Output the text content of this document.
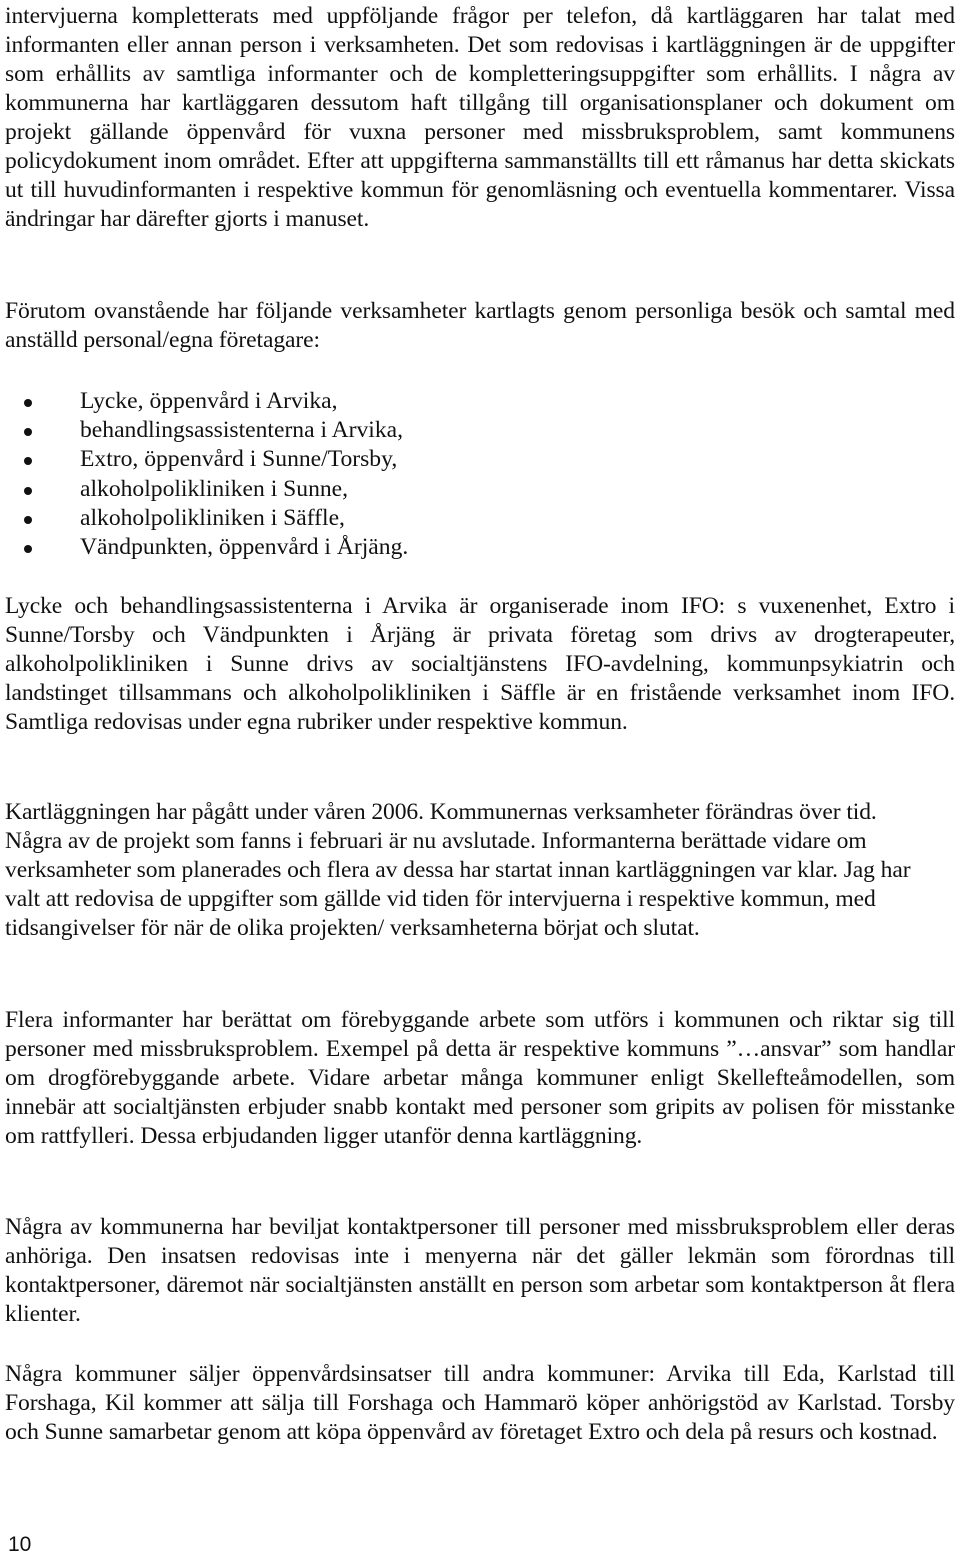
intervjuerna kompletterats med uppföljande frågor per telefon, då kartläggaren har talat med informanten eller annan person i verksamheten. Det som redovisas i kartläggningen är de uppgifter som erhållits av samtliga informanter och de kompletteringsuppgifter som erhållits. I några av kommunerna har kartläggaren dessutom haft tillgång till organisationsplaner och dokument om projekt gällande öppenvård för vuxna personer med missbruksproblem, samt kommunens policydokument inom området. Efter att uppgifterna sammanställts till ett råmanus har detta skickats ut till huvudinformanten i respektive kommun för genomläsning och eventuella kommentarer. Vissa ändringar har därefter gjorts i manuset.

Förutom ovanstående har följande verksamheter kartlagts genom personliga besök och samtal med anställd personal/egna företagare:

Lycke, öppenvård i Arvika,
behandlingsassistenterna i Arvika,
Extro, öppenvård i Sunne/Torsby,
alkoholpolikliniken i Sunne,
alkoholpolikliniken i Säffle,
Vändpunkten, öppenvård i Årjäng.

Lycke och behandlingsassistenterna i Arvika är organiserade inom IFO: s vuxenenhet, Extro i Sunne/Torsby och Vändpunkten i Årjäng är privata företag som drivs av drogterapeuter, alkoholpolikliniken i Sunne drivs av socialtjänstens IFO-avdelning, kommunpsykiatrin och landstinget tillsammans och alkoholpolikliniken i Säffle är en fristående verksamhet inom IFO. Samtliga redovisas under egna rubriker under respektive kommun.

Kartläggningen har pågått under våren 2006. Kommunernas verksamheter förändras över tid. Några av de projekt som fanns i februari är nu avslutade. Informanterna berättade vidare om verksamheter som planerades och flera av dessa har startat innan kartläggningen var klar. Jag har valt att redovisa de uppgifter som gällde vid tiden för intervjuerna i respektive kommun, med tidsangivelser för när de olika projekten/ verksamheterna börjat och slutat.

Flera informanter har berättat om förebyggande arbete som utförs i kommunen och riktar sig till personer med missbruksproblem. Exempel på detta är respektive kommuns ”…ansvar” som handlar om drogförebyggande arbete. Vidare arbetar många kommuner enligt Skellefteåmodellen, som innebär att socialtjänsten erbjuder snabb kontakt med personer som gripits av polisen för misstanke om rattfylleri. Dessa erbjudanden ligger utanför denna kartläggning.

Några av kommunerna har beviljat kontaktpersoner till personer med missbruksproblem eller deras anhöriga. Den insatsen redovisas inte i menyerna när det gäller lekmän som förordnas till kontaktpersoner, däremot när socialtjänsten anställt en person som arbetar som kontaktperson åt flera klienter.

Några kommuner säljer öppenvårdsinsatser till andra kommuner: Arvika till Eda, Karlstad till Forshaga, Kil kommer att sälja till Forshaga och Hammarö köper anhörigstöd av Karlstad. Torsby och Sunne samarbetar genom att köpa öppenvård av företaget Extro och dela på resurs och kostnad.

10
